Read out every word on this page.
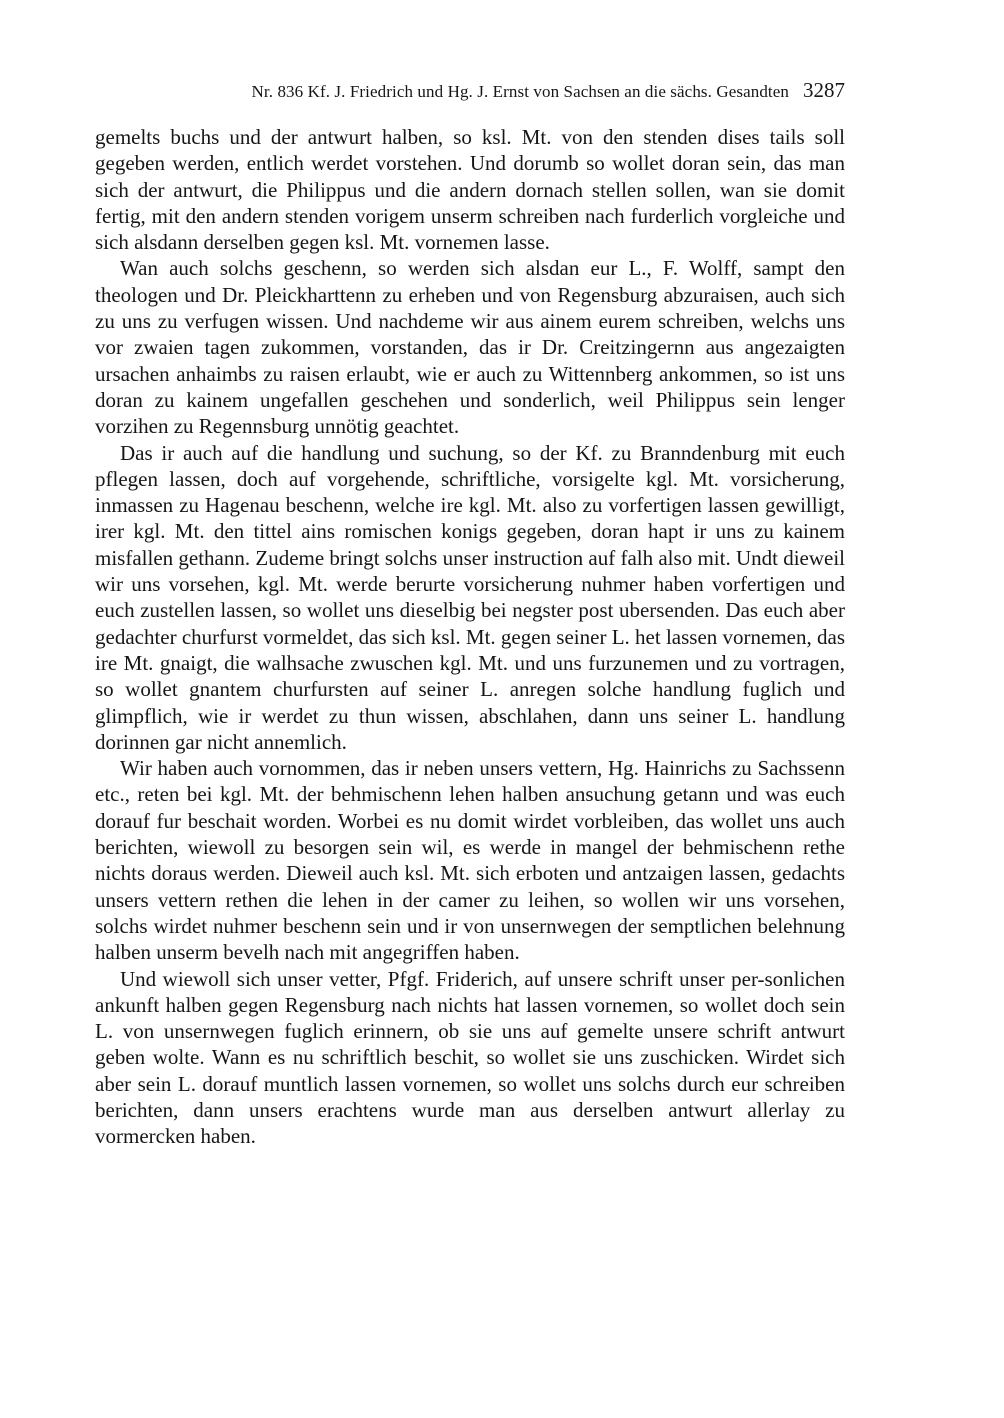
Nr. 836 Kf. J. Friedrich und Hg. J. Ernst von Sachsen an die sächs. Gesandten 3287

gemelts buchs und der antwurt halben, so ksl. Mt. von den stenden dises tails soll gegeben werden, entlich werdet vorstehen. Und dorumb so wollet doran sein, das man sich der antwurt, die Philippus und die andern dornach stellen sollen, wan sie domit fertig, mit den andern stenden vorigem unserm schreiben nach furderlich vorgleiche und sich alsdann derselben gegen ksl. Mt. vornemen lasse.

Wan auch solchs geschenn, so werden sich alsdan eur L., F. Wolff, sampt den theologen und Dr. Pleickharttenn zu erheben und von Regensburg abzuraisen, auch sich zu uns zu verfugen wissen. Und nachdeme wir aus ainem eurem schreiben, welchs uns vor zwaien tagen zukommen, vorstanden, das ir Dr. Creitzingernn aus angezaigten ursachen anhaimbs zu raisen erlaubt, wie er auch zu Wittennberg ankommen, so ist uns doran zu kainem ungefallen geschehen und sonderlich, weil Philippus sein lenger vorzihen zu Regennsburg unnötig geachtet.

Das ir auch auf die handlung und suchung, so der Kf. zu Branndenburg mit euch pflegen lassen, doch auf vorgehende, schriftliche, vorsigelte kgl. Mt. vorsicherung, inmassen zu Hagenau beschenn, welche ire kgl. Mt. also zu vorfertigen lassen gewilligt, irer kgl. Mt. den tittel ains romischen konigs gegeben, doran hapt ir uns zu kainem misfallen gethann. Zudeme bringt solchs unser instruction auf falh also mit. Undt dieweil wir uns vorsehen, kgl. Mt. werde berurte vorsicherung nuhmer haben vorfertigen und euch zustellen lassen, so wollet uns dieselbig bei negster post ubersenden. Das euch aber gedachter churfurst vormeldet, das sich ksl. Mt. gegen seiner L. het lassen vornemen, das ire Mt. gnaigt, die walhsache zwuschen kgl. Mt. und uns furzunemen und zu vortragen, so wollet gnantem churfursten auf seiner L. anregen solche handlung fuglich und glimpflich, wie ir werdet zu thun wissen, abschlahen, dann uns seiner L. handlung dorinnen gar nicht annemlich.

Wir haben auch vornommen, das ir neben unsers vettern, Hg. Hainrichs zu Sachssenn etc., reten bei kgl. Mt. der behmischenn lehen halben ansuchung getann und was euch dorauf fur beschait worden. Worbei es nu domit wirdet vorbleiben, das wollet uns auch berichten, wiewoll zu besorgen sein wil, es werde in mangel der behmischenn rethe nichts doraus werden. Dieweil auch ksl. Mt. sich erboten und antzaigen lassen, gedachts unsers vettern rethen die lehen in der camer zu leihen, so wollen wir uns vorsehen, solchs wirdet nuhmer beschenn sein und ir von unsernwegen der semptlichen belehnung halben unserm bevelh nach mit angegriffen haben.

Und wiewoll sich unser vetter, Pfgf. Friderich, auf unsere schrift unser per-sonlichen ankunft halben gegen Regensburg nach nichts hat lassen vornemen, so wollet doch sein L. von unsernwegen fuglich erinnern, ob sie uns auf gemelte unsere schrift antwurt geben wolte. Wann es nu schriftlich beschit, so wollet sie uns zuschicken. Wirdet sich aber sein L. dorauf muntlich lassen vornemen, so wollet uns solchs durch eur schreiben berichten, dann unsers erachtens wurde man aus derselben antwurt allerlay zu vormercken haben.
